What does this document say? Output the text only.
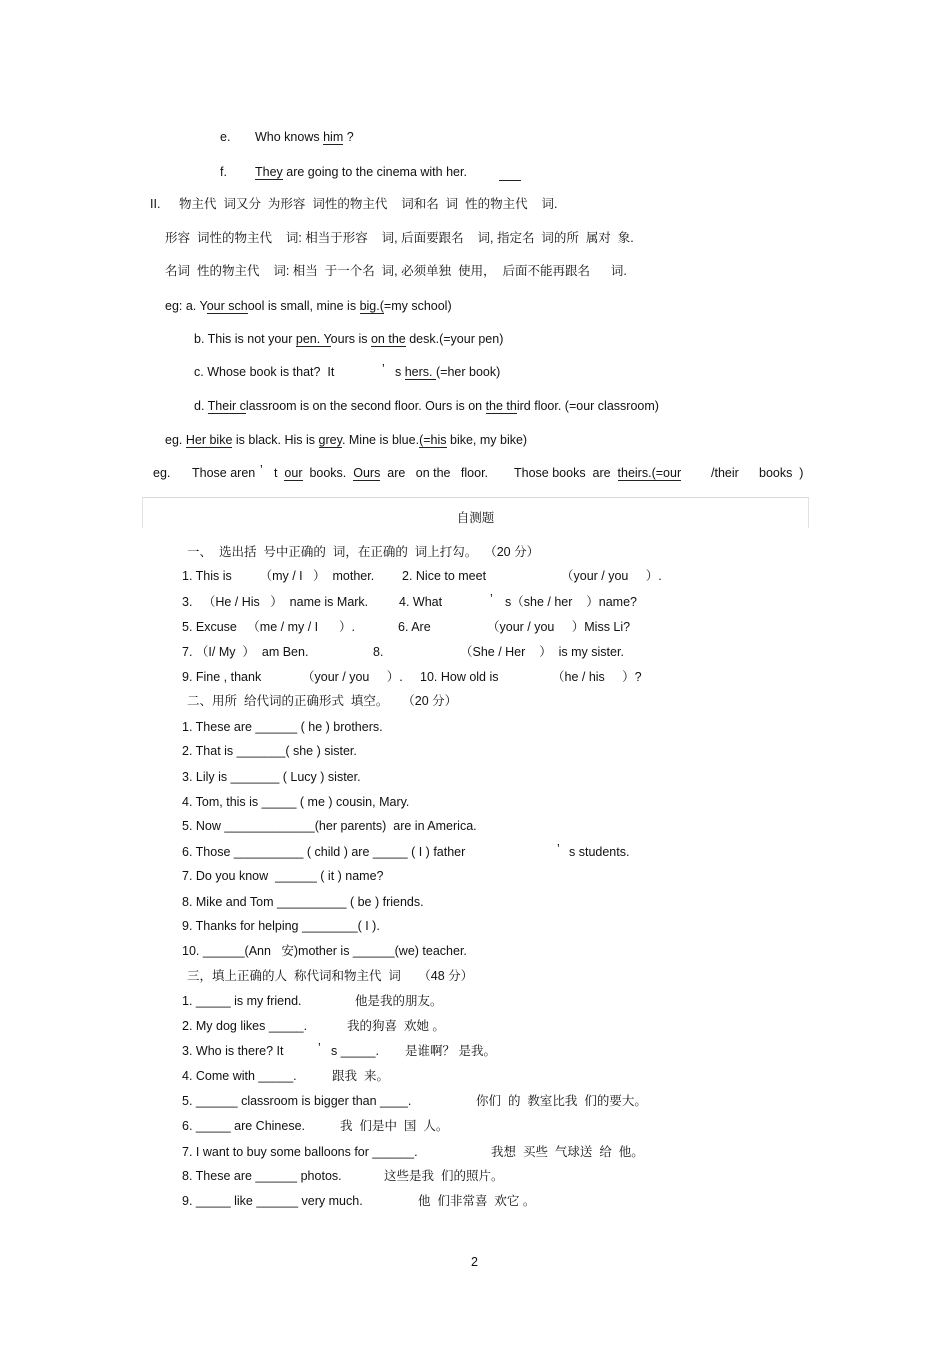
e. Who knows him ?
f. They are going to the cinema with her.
II. 物主代  词又分  为形容  词性的物主代    词和名  词  性的物主代    词.
形容  词性的物主代    词: 相当于形容    词, 后面要跟名    词, 指定名  词的所  属对  象.
名词  性的物主代    词: 相当  于一个名  词, 必须单独  使用，  后面不能再跟名      词.
eg: a. Your school is small, mine is big.(=my school)
b. This is not your pen. Yours is on the desk.(=your pen)
c. Whose book is that?  It	’ s hers. (=her book)
d. Their classroom is on the second floor. Ours is on the third floor. (=our classroom)
eg. Her bike is black. His is grey. Mine is blue.(=his bike, my bike)
eg. Those aren ’ t  our  books.  Ours  are   on the   floor. Those books  are  theirs.(=our /their books  )
自测题
一、  选出括  号中正确的  词，在正确的  词上打勾。  （20 分）
1. This is        （my / I   ）  mother. 2. Nice to meet	（your / you     ）.
3.   （He / His   ）  name is Mark. 4. What	’ s（she / her    ）name?
5. Excuse   （me / my / I      ）.	6. Are	（your / you     ）Miss Li?
7. （I/ My  ）  am Ben.	8.	（She / Her    ）  is my sister.
9. Fine , thank	（your / you     ）. 10. How old is	（he / his     ）?
二、用所  给代词的正确形式  填空。    （20 分）
1. These are ______ ( he ) brothers.
2. That is _______( she ) sister.
3. Lily is _______ ( Lucy ) sister.
4. Tom, this is _____ ( me ) cousin, Mary.
5. Now _____________(her parents)  are in America.
6. Those __________ ( child ) are _____ ( I ) father	’ s students.
7. Do you know  ______ ( it ) name?
8. Mike and Tom __________ ( be ) friends.
9. Thanks for helping ________( I ).
10. ______(Ann   安)mother is ______(we) teacher.
三，填上正确的人  称代词和物主代  词     （48 分）
1. _____ is my friend.	他是我的朋友。
2. My dog likes _____.	我的狗喜  欢她 。
3. Who is there? It	’ s _____. 是谁啊？ 是我。
4. Come with _____.	跟我  来。
5. ______ classroom is bigger than ____.	你们  的  教室比我  们的要大。
6. _____ are Chinese.	我  们是中  国  人。
7. I want to buy some balloons for ______.	我想  买些  气球送  给  他。
8. These are ______ photos.	这些是我  们的照片。
9. _____ like ______ very much.	他  们非常喜  欢它 。
2
